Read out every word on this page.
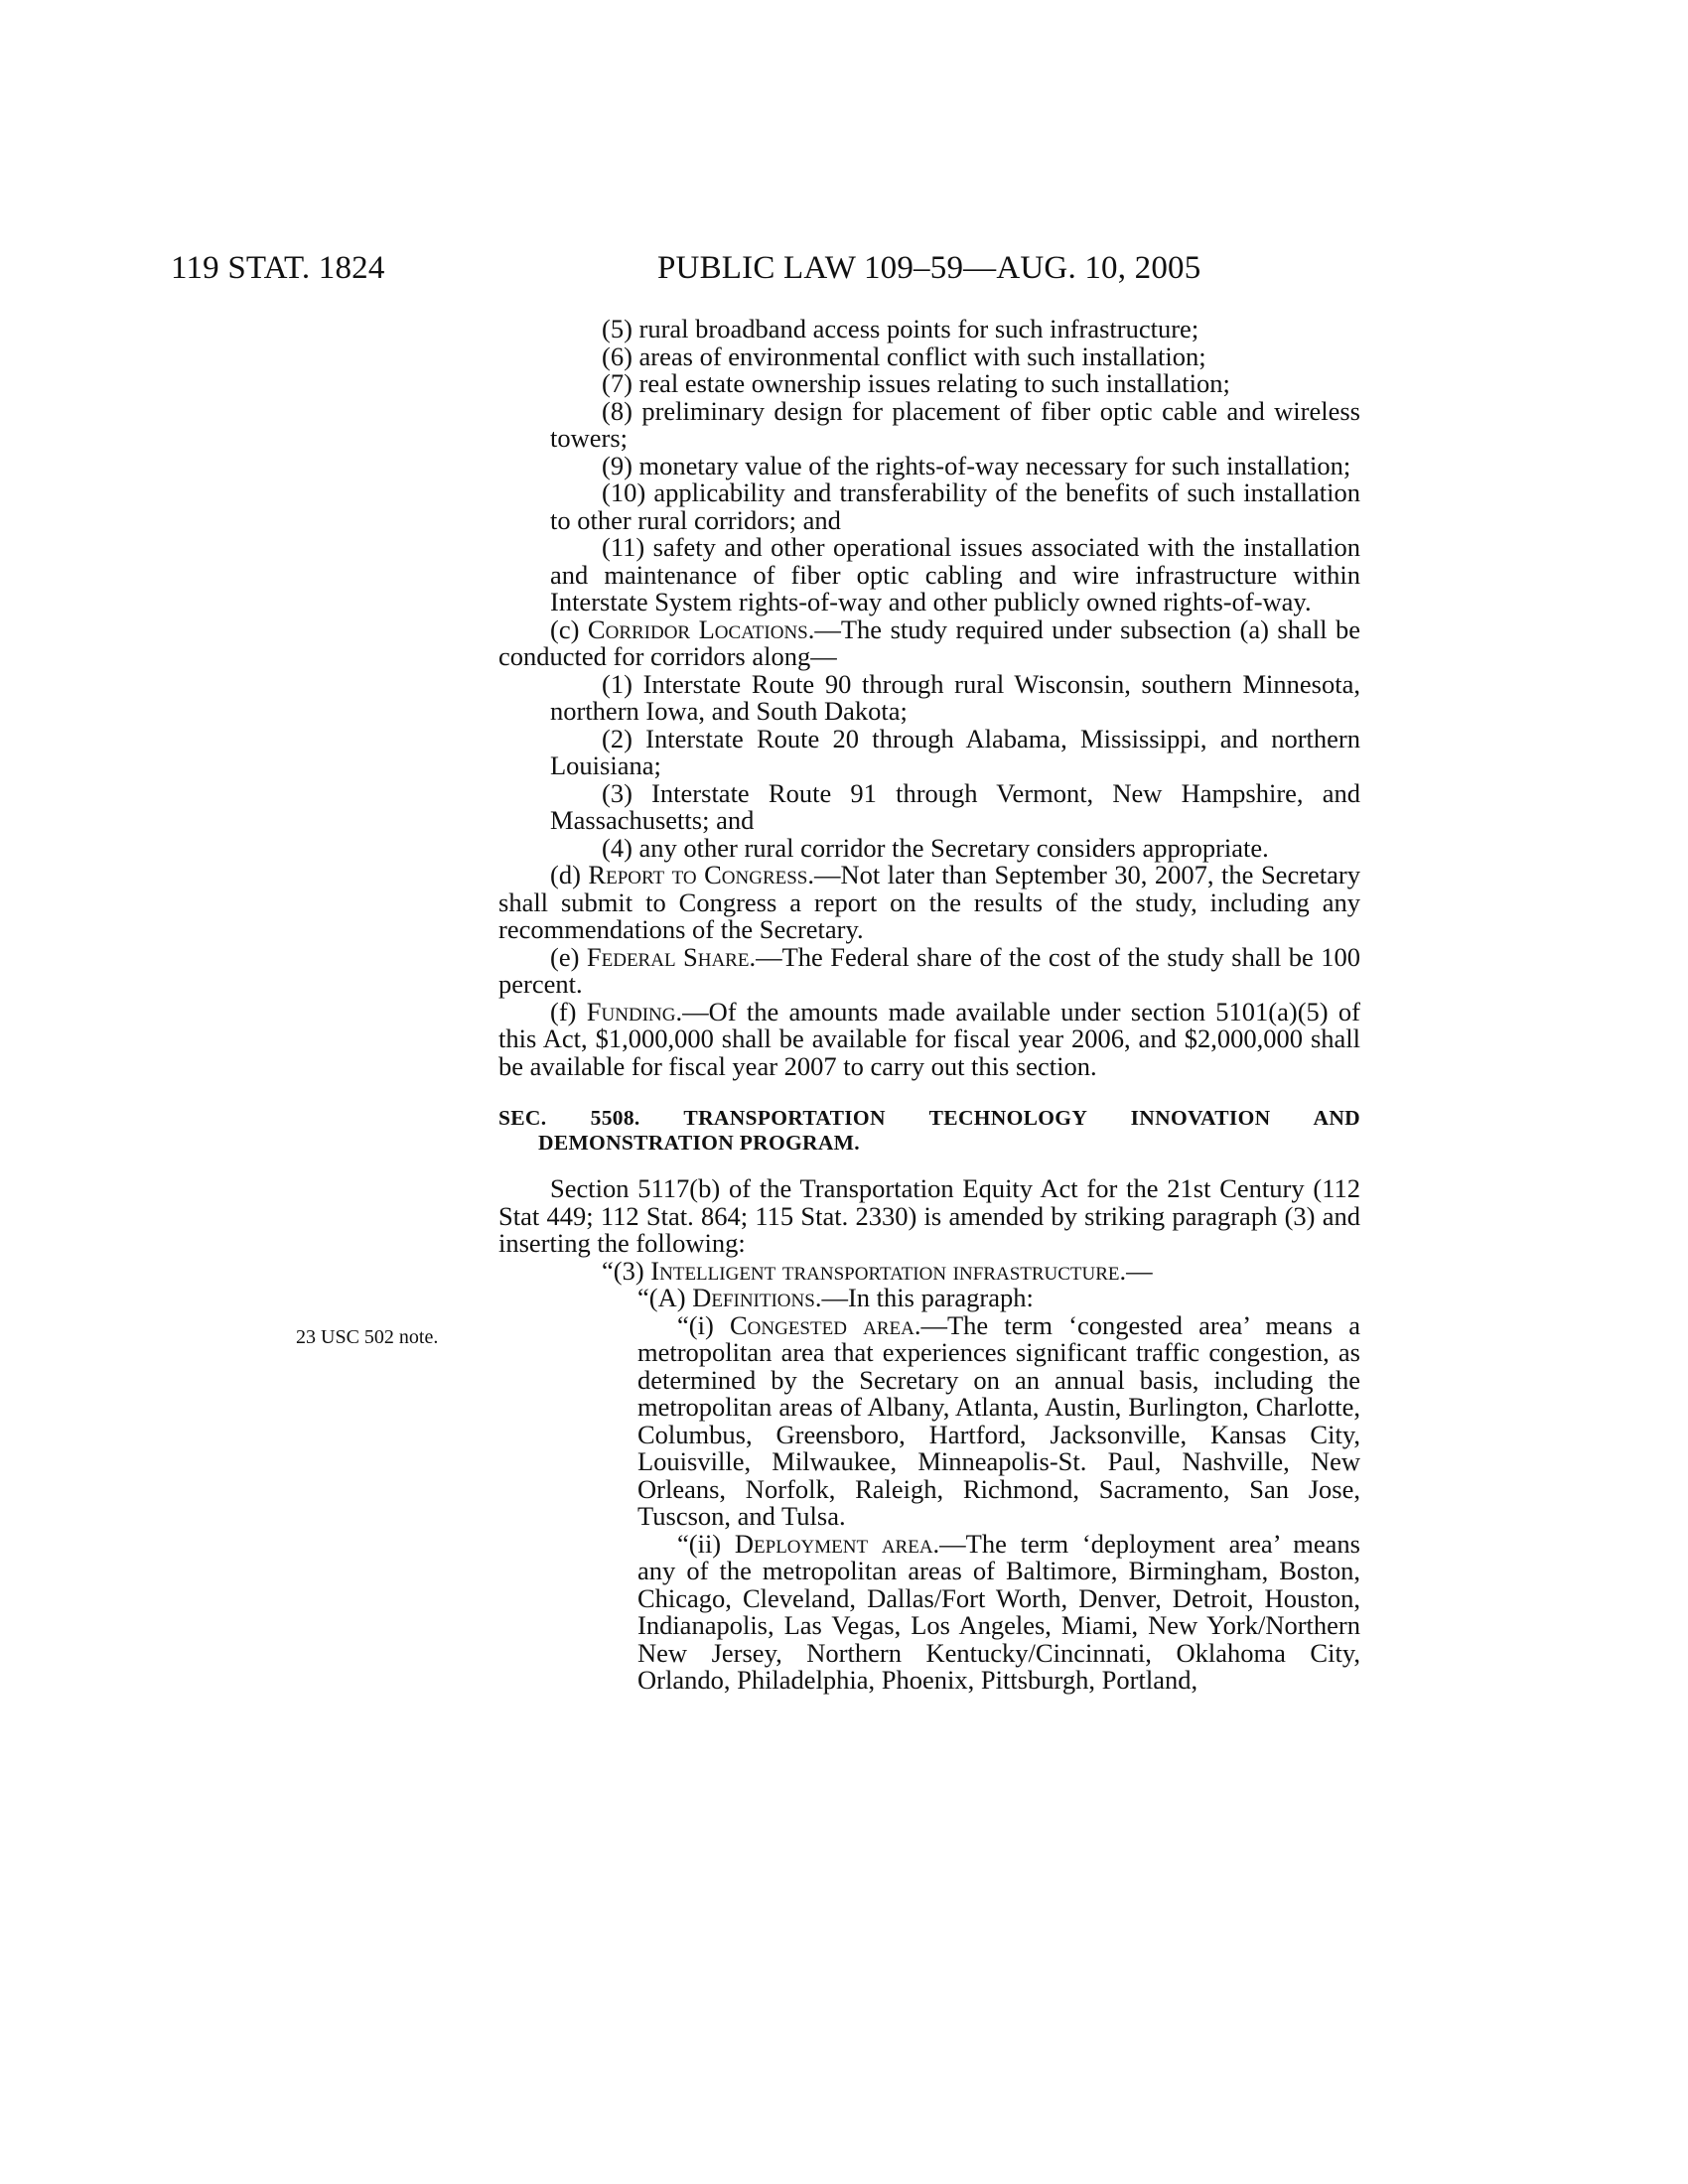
119 STAT. 1824	PUBLIC LAW 109–59—AUG. 10, 2005
23 USC 502 note.

(5) rural broadband access points for such infrastructure;

(6) areas of environmental conflict with such installation;

(7) real estate ownership issues relating to such installation;

(8) preliminary design for placement of fiber optic cable and wireless towers;

(9) monetary value of the rights-of-way necessary for such installation;

(10) applicability and transferability of the benefits of such installation to other rural corridors; and

(11) safety and other operational issues associated with the installation and maintenance of fiber optic cabling and wire infrastructure within Interstate System rights-of-way and other publicly owned rights-of-way.

(c) Corridor Locations.—The study required under subsection (a) shall be conducted for corridors along—

(1) Interstate Route 90 through rural Wisconsin, southern Minnesota, northern Iowa, and South Dakota;

(2) Interstate Route 20 through Alabama, Mississippi, and northern Louisiana;

(3) Interstate Route 91 through Vermont, New Hampshire, and Massachusetts; and

(4) any other rural corridor the Secretary considers appropriate.

(d) Report to Congress.—Not later than September 30, 2007, the Secretary shall submit to Congress a report on the results of the study, including any recommendations of the Secretary.

(e) Federal Share.—The Federal share of the cost of the study shall be 100 percent.

(f) Funding.—Of the amounts made available under section 5101(a)(5) of this Act, $1,000,000 shall be available for fiscal year 2006, and $2,000,000 shall be available for fiscal year 2007 to carry out this section.

SEC. 5508. TRANSPORTATION TECHNOLOGY INNOVATION AND DEMONSTRATION PROGRAM.

Section 5117(b) of the Transportation Equity Act for the 21st Century (112 Stat 449; 112 Stat. 864; 115 Stat. 2330) is amended by striking paragraph (3) and inserting the following:

“(3) Intelligent transportation infrastructure.—

“(A) Definitions.—In this paragraph:

“(i) Congested area.—The term ‘congested area’ means a metropolitan area that experiences significant traffic congestion, as determined by the Secretary on an annual basis, including the metropolitan areas of Albany, Atlanta, Austin, Burlington, Charlotte, Columbus, Greensboro, Hartford, Jacksonville, Kansas City, Louisville, Milwaukee, Minneapolis-St. Paul, Nashville, New Orleans, Norfolk, Raleigh, Richmond, Sacramento, San Jose, Tuscson, and Tulsa.

“(ii) Deployment area.—The term ‘deployment area’ means any of the metropolitan areas of Baltimore, Birmingham, Boston, Chicago, Cleveland, Dallas/Fort Worth, Denver, Detroit, Houston, Indianapolis, Las Vegas, Los Angeles, Miami, New York/Northern New Jersey, Northern Kentucky/Cincinnati, Oklahoma City, Orlando, Philadelphia, Phoenix, Pittsburgh, Portland,
